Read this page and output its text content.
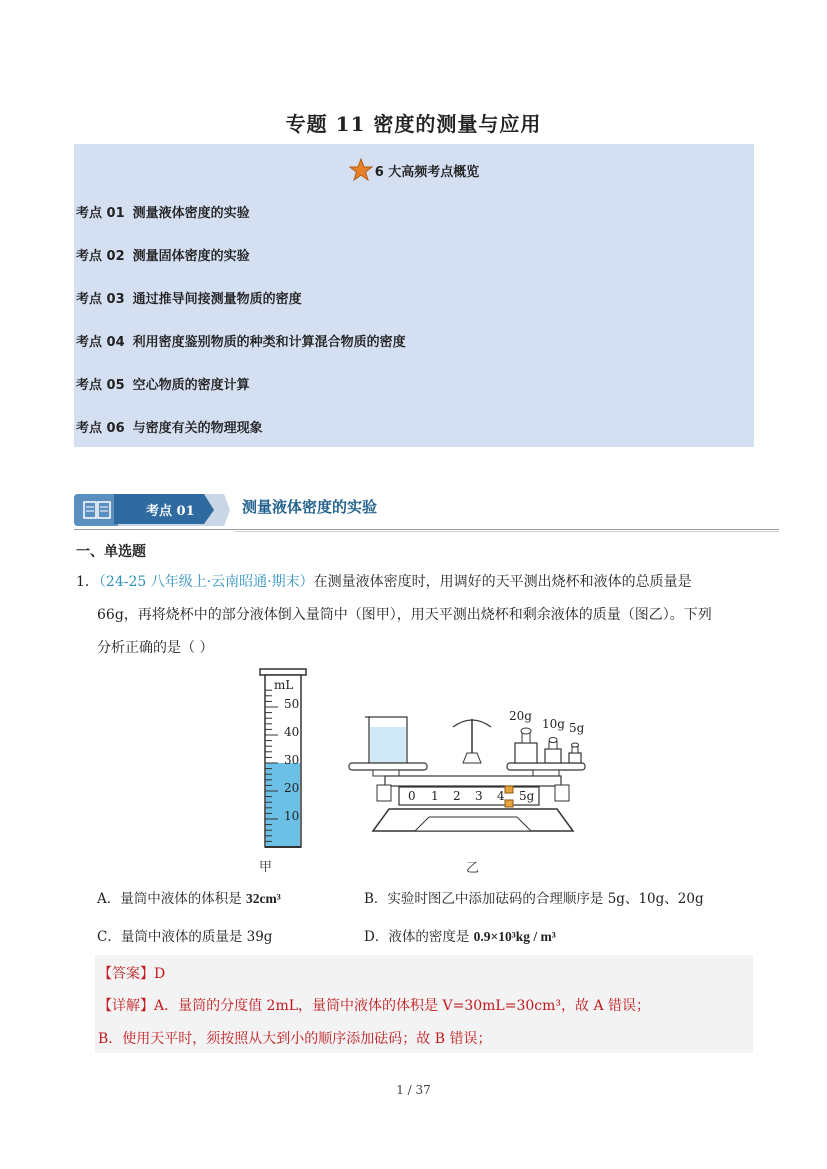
专题 11 密度的测量与应用
6 大高频考点概览
考点 01 测量液体密度的实验
考点 02 测量固体密度的实验
考点 03 通过推导间接测量物质的密度
考点 04 利用密度鉴别物质的种类和计算混合物质的密度
考点 05 空心物质的密度计算
考点 06 与密度有关的物理现象
考点 01	测量液体密度的实验
一、单选题
1．（24-25 八年级上·云南昭通·期末）在测量液体密度时，用调好的天平测出烧杯和液体的总质量是
66g，再将烧杯中的部分液体倒入量筒中（图甲），用天平测出烧杯和剩余液体的质量（图乙）。下列
分析正确的是（ ）
mL
50
40
30
20
10
甲
20g
10g 5g
0 1 2 3 4 5g
乙
A．量筒中液体的体积是 32cm³	B．实验时图乙中添加砝码的合理顺序是 5g、10g、20g
C．量筒中液体的质量是 39g	D．液体的密度是 0.9×10³kg / m³
【答案】D
【详解】A．量筒的分度值 2mL，量筒中液体的体积是 V=30mL=30cm³，故 A 错误；
B．使用天平时，须按照从大到小的顺序添加砝码；故 B 错误；
1 / 37
